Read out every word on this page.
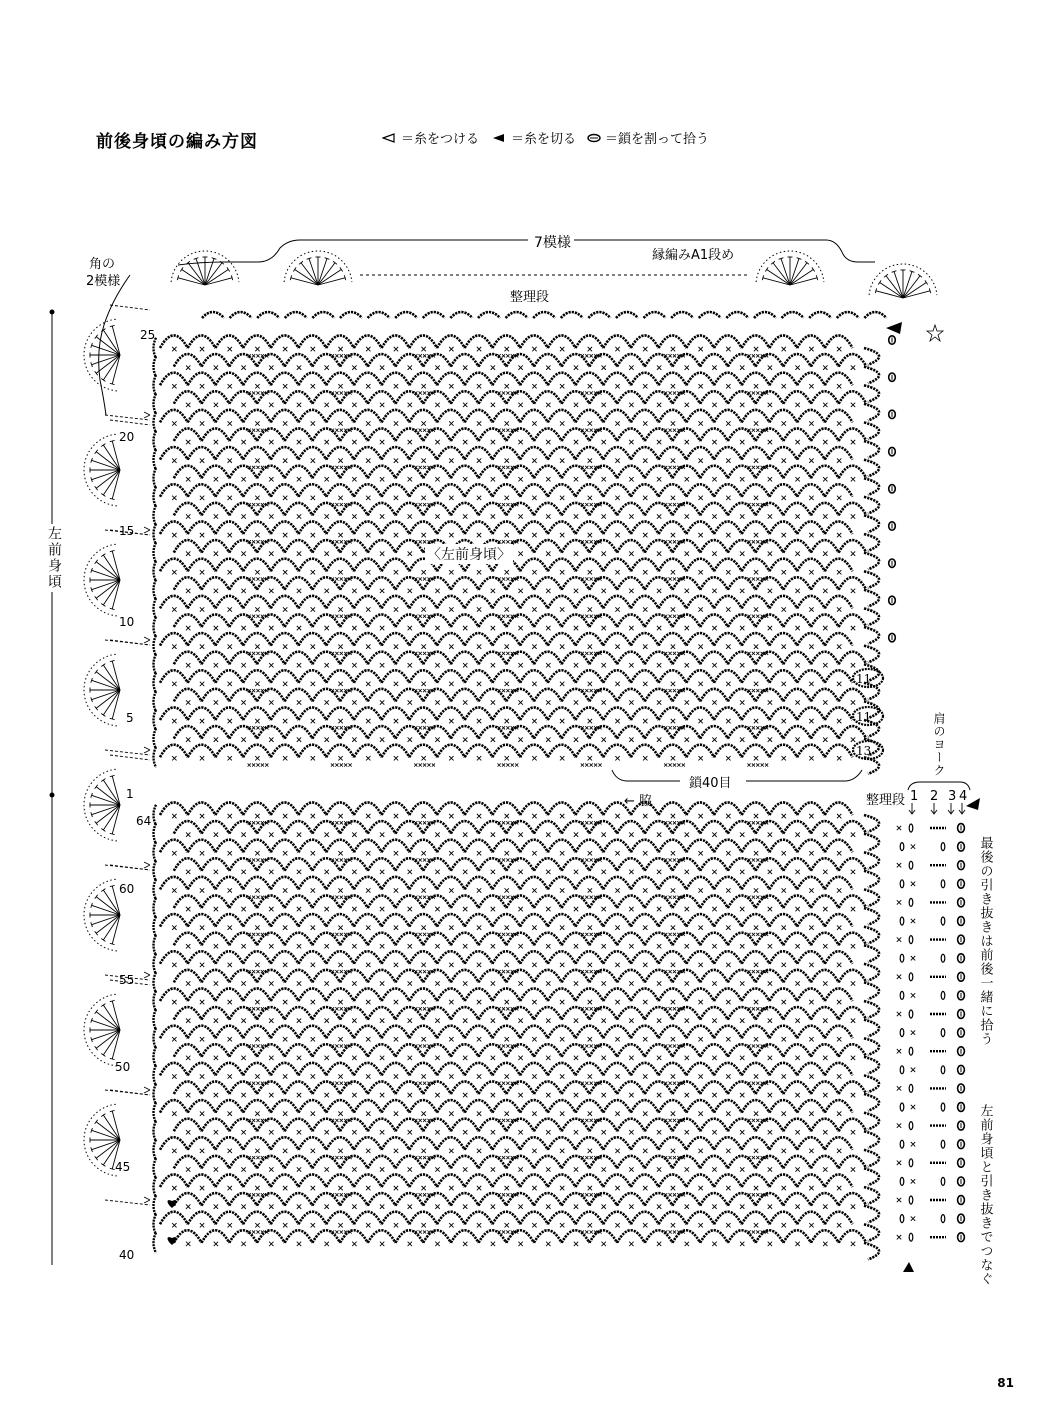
前後身頃の編み方図	＝糸をつける ＝糸を切る ＝鎖を割って拾う
7模様
角の
2模様
縁編みA1段め
整理段
〈左前身頃〉
左前身頃
鎖40目
← 脇
肩のヨーク
整理段
最後の引き抜きは前後一緒に拾う
左前身頃と引き抜きでつなぐ
1 2 3 4
25
20
15
10
5
1
64
60
55
50
45
40
11
11
13
81
